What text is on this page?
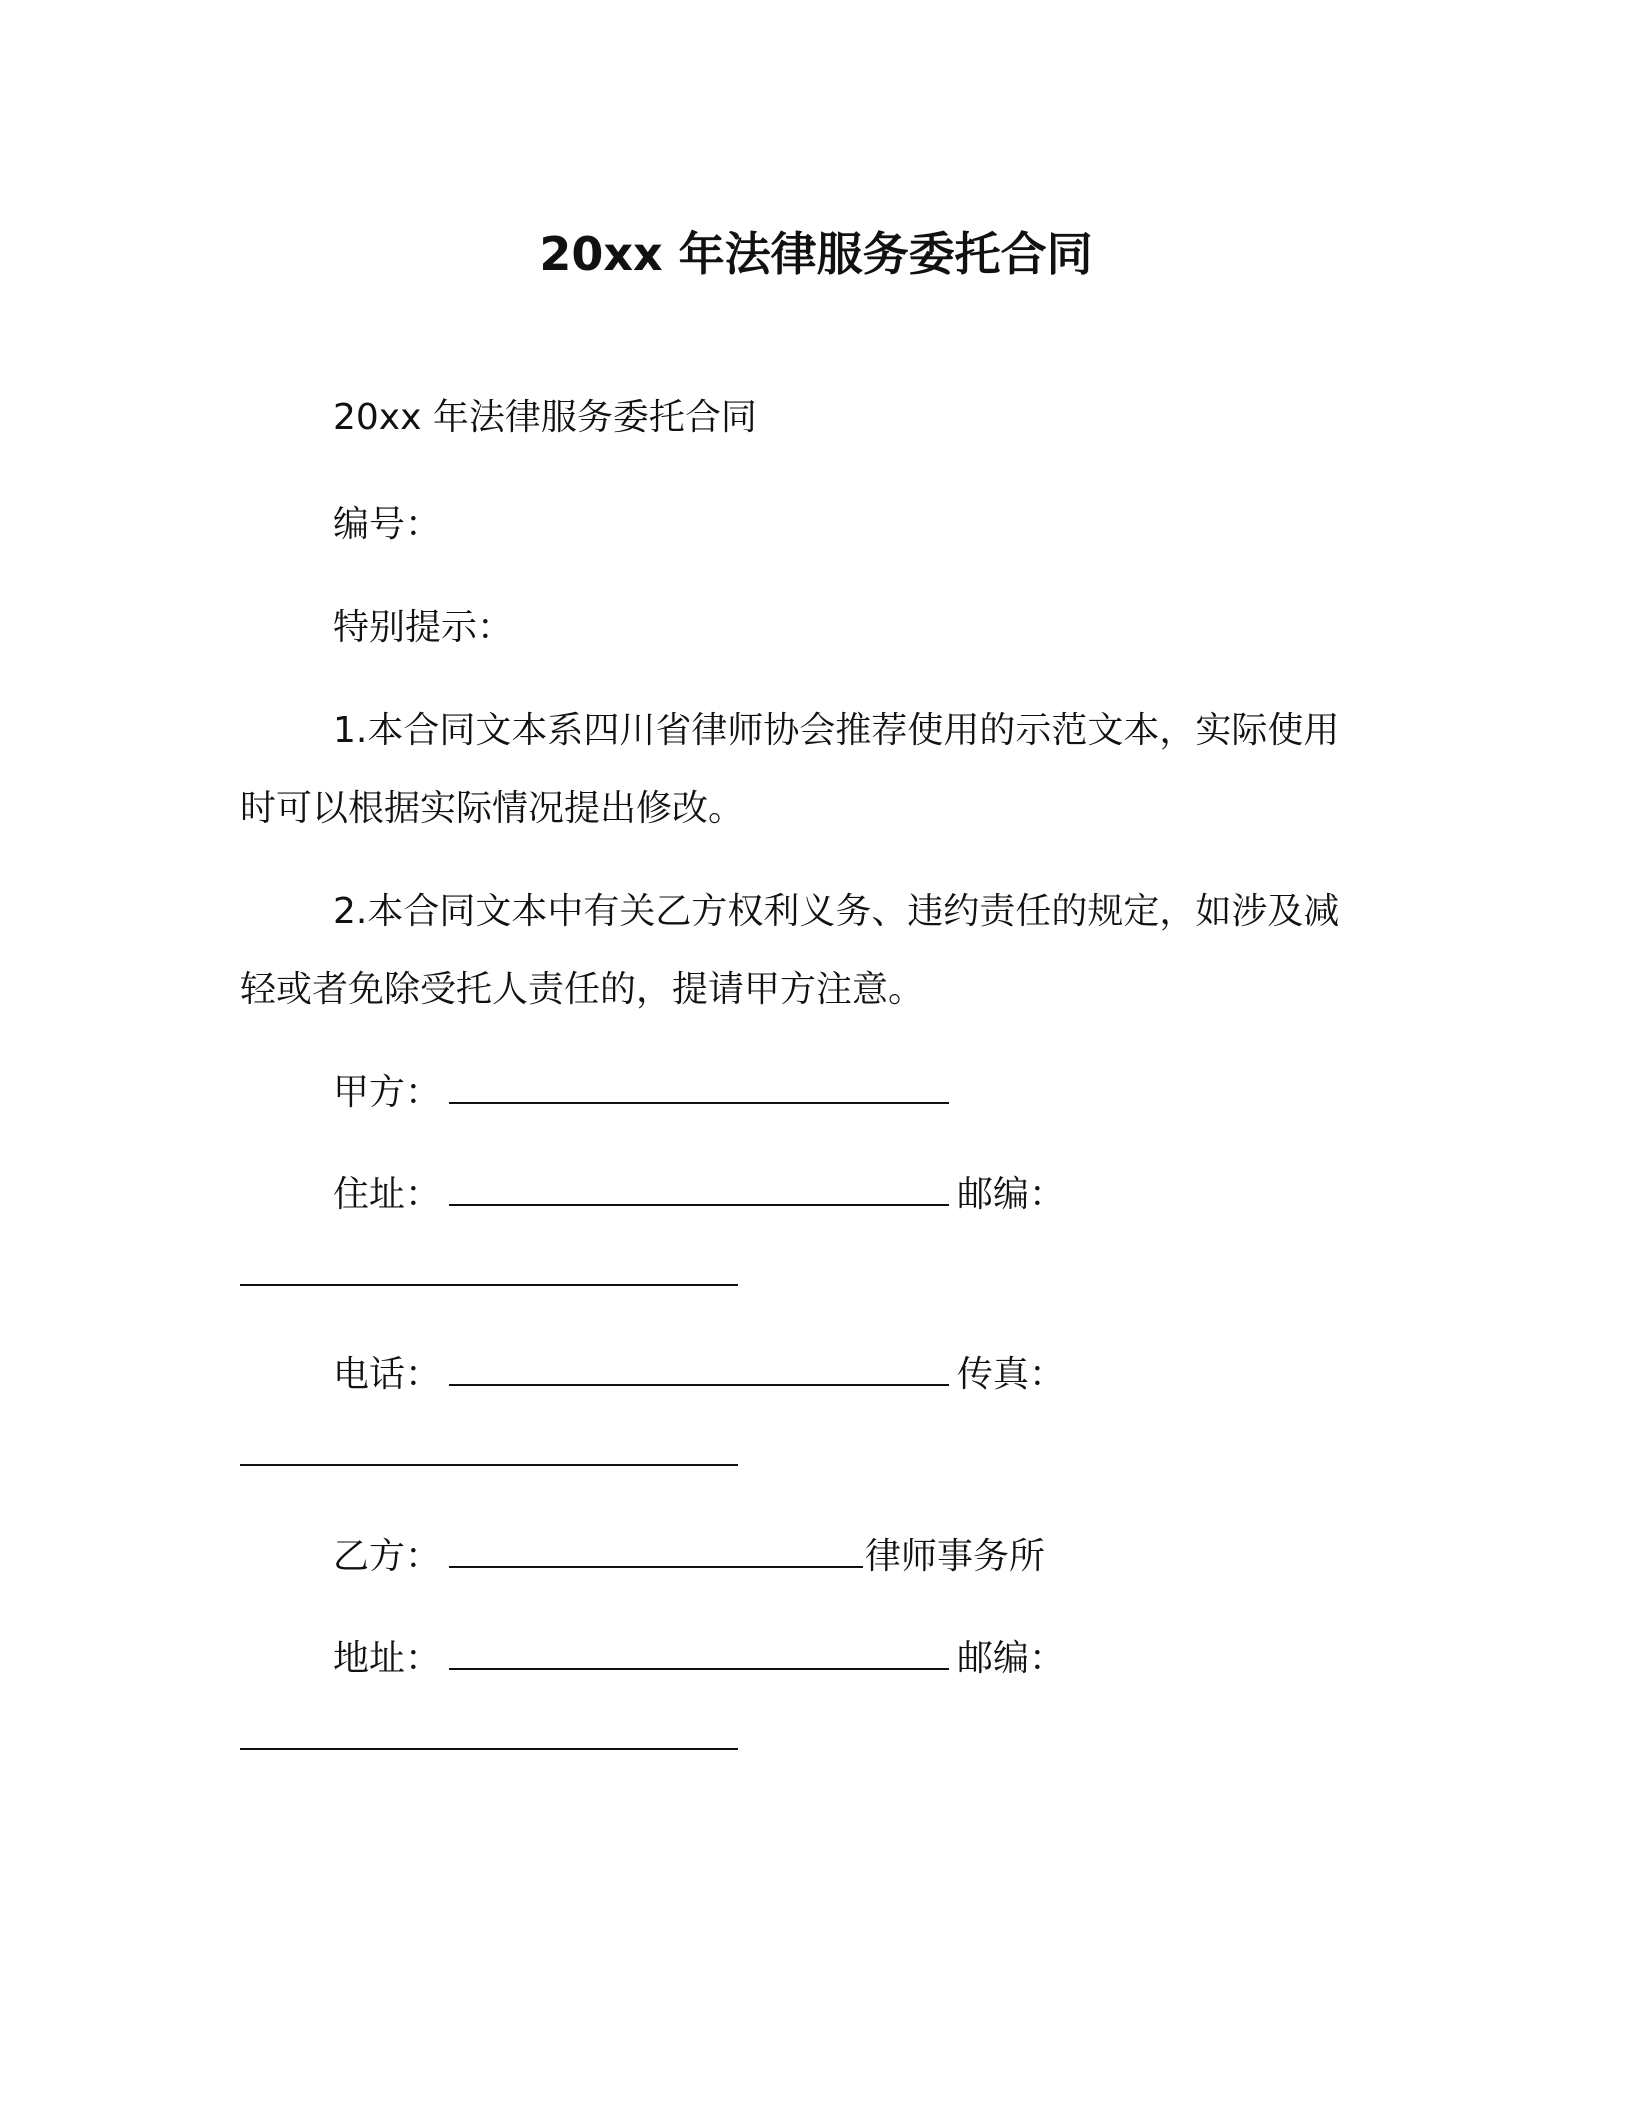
20xx 年法律服务委托合同
20xx 年法律服务委托合同
编号：
特别提示：
1.本合同文本系四川省律师协会推荐使用的示范文本，实际使用
时可以根据实际情况提出修改。
2.本合同文本中有关乙方权利义务、违约责任的规定，如涉及减
轻或者免除受托人责任的，提请甲方注意。
甲方：
住址：	邮编：
电话：	传真：
乙方：	律师事务所
地址：	邮编：
